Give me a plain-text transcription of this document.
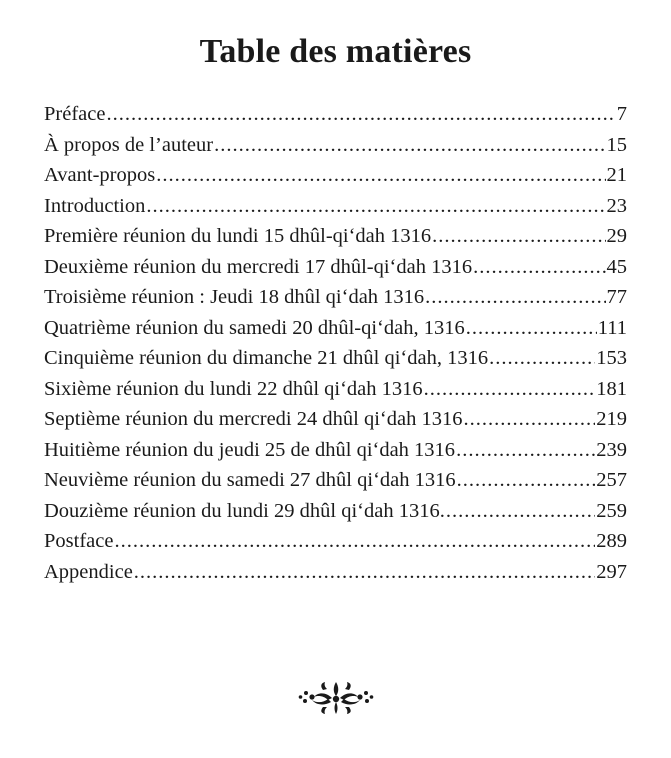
Table des matières
Préface .....	7
À propos de l’auteur .....	15
Avant-propos .....	21
Introduction .....	23
Première réunion du lundi 15 dhûl-qi‘dah 1316 .....	29
Deuxième réunion du mercredi 17 dhûl-qi‘dah 1316 .....	45
Troisième réunion : Jeudi 18 dhûl qi‘dah 1316 .....	77
Quatrième réunion du samedi 20 dhûl-qi‘dah, 1316 .....	111
Cinquième réunion du dimanche 21 dhûl qi‘dah, 1316 .....	153
Sixième réunion du lundi 22 dhûl qi‘dah 1316 .....	181
Septième réunion du mercredi 24 dhûl qi‘dah 1316 .....	219
Huitième réunion du jeudi 25 de dhûl qi‘dah 1316 .....	239
Neuvième réunion du samedi 27 dhûl qi‘dah 1316 .....	257
Douzième réunion du lundi 29 dhûl qi‘dah 1316. .....	259
Postface .....	289
Appendice .....	297
